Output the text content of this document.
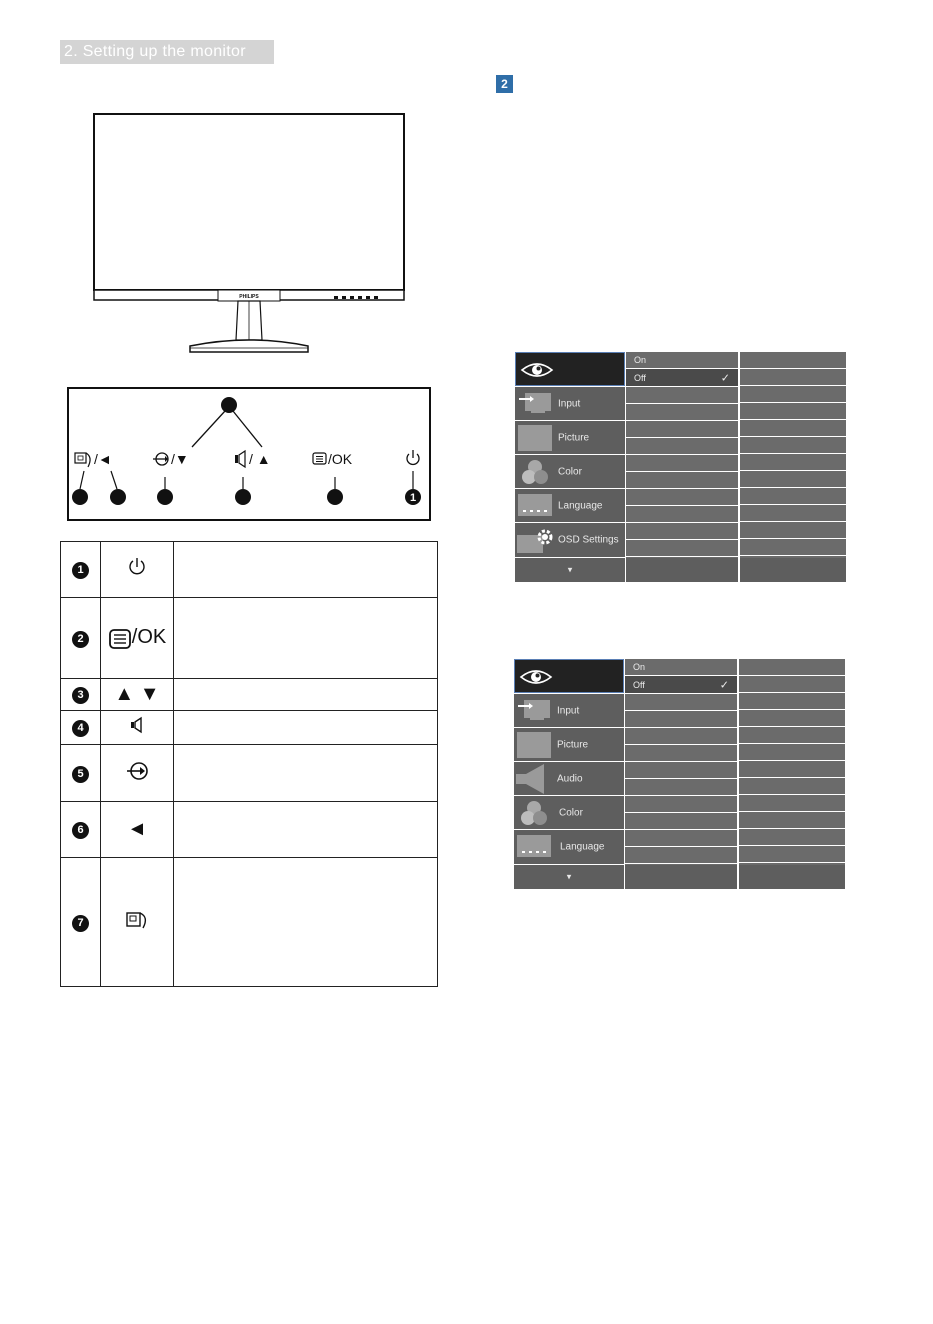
2. Setting up the monitor
2
PHILIPS
/◄	/▼	/ ▲	/OK
1
1		
2	/OK	
3	▲ ▼	
4		
5		
6	◄	
7		
Input
Picture
Color
Language
OSD Settings
▾
On
Off	✓
Input
Picture
Audio
Color
Language
▾
On
Off	✓
